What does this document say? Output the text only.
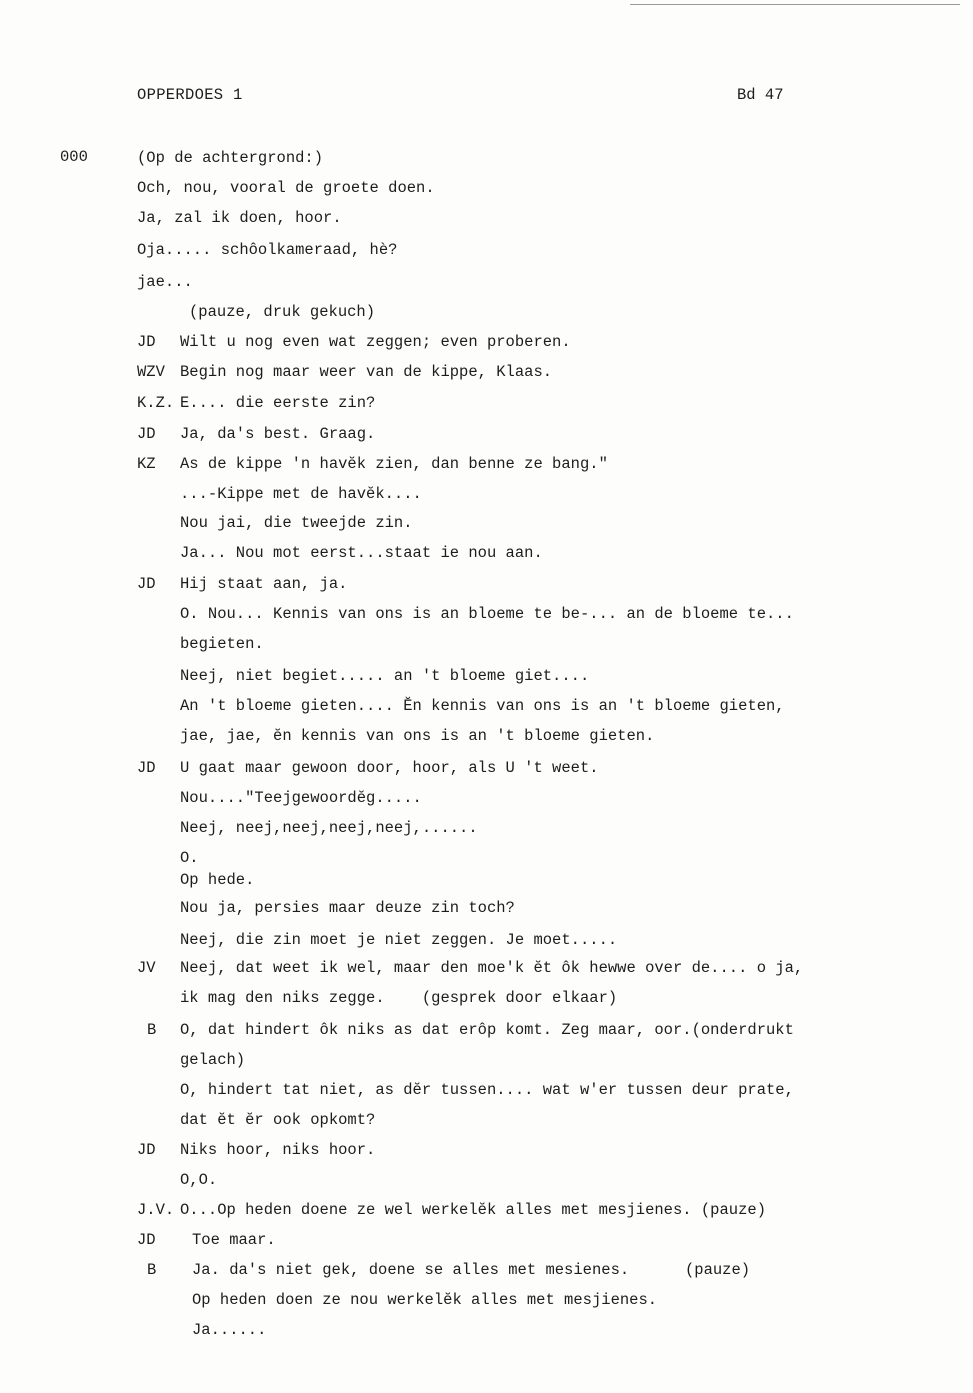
OPPERDOES 1	Bd 47
000	(Op de achtergrond:)
Och, nou, vooral de groete doen.
Ja, zal ik doen, hoor.
Oja..... schôolkameraad, hè?
jae...
(pauze, druk gekuch)
JD Wilt u nog even wat zeggen; even proberen.
WZV Begin nog maar weer van de kippe, Klaas.
K.Z. E.... die eerste zin?
JD Ja, da's best. Graag.
KZ As de kippe 'n havĕk zien, dan benne ze bang."
...-Kippe met de havĕk....
Nou jai, die tweejde zin.
Ja... Nou mot eerst...staat ie nou aan.
JD Hij staat aan, ja.
O. Nou... Kennis van ons is an bloeme te be-... an de bloeme te...
begieten.
Neej, niet begiet..... an 't bloeme giet....
An 't bloeme gieten.... Ĕn kennis van ons is an 't bloeme gieten,
jae, jae, ĕn kennis van ons is an 't bloeme gieten.
JD U gaat maar gewoon door, hoor, als U 't weet.
Nou...."Teejgewoordĕg.....
Neej, neej,neej,neej,neej,......
O.
Op hede.
Nou ja, persies maar deuze zin toch?
Neej, die zin moet je niet zeggen. Je moet.....
JV Neej, dat weet ik wel, maar den moe'k ĕt ôk hewwe over de.... o ja,
ik mag den niks zegge.    (gesprek door elkaar)
B O, dat hindert ôk niks as dat erôp komt. Zeg maar, oor.(onderdrukt
gelach)
O, hindert tat niet, as dĕr tussen.... wat w'er tussen deur prate,
dat ĕt ĕr ook opkomt?
JD Niks hoor, niks hoor.
O,O.
J.V. O...Op heden doene ze wel werkelĕk alles met mesjienes. (pauze)
JD Toe maar.
B Ja. da's niet gek, doene se alles met mesienes.      (pauze)
Op heden doen ze nou werkelĕk alles met mesjienes.
Ja......
